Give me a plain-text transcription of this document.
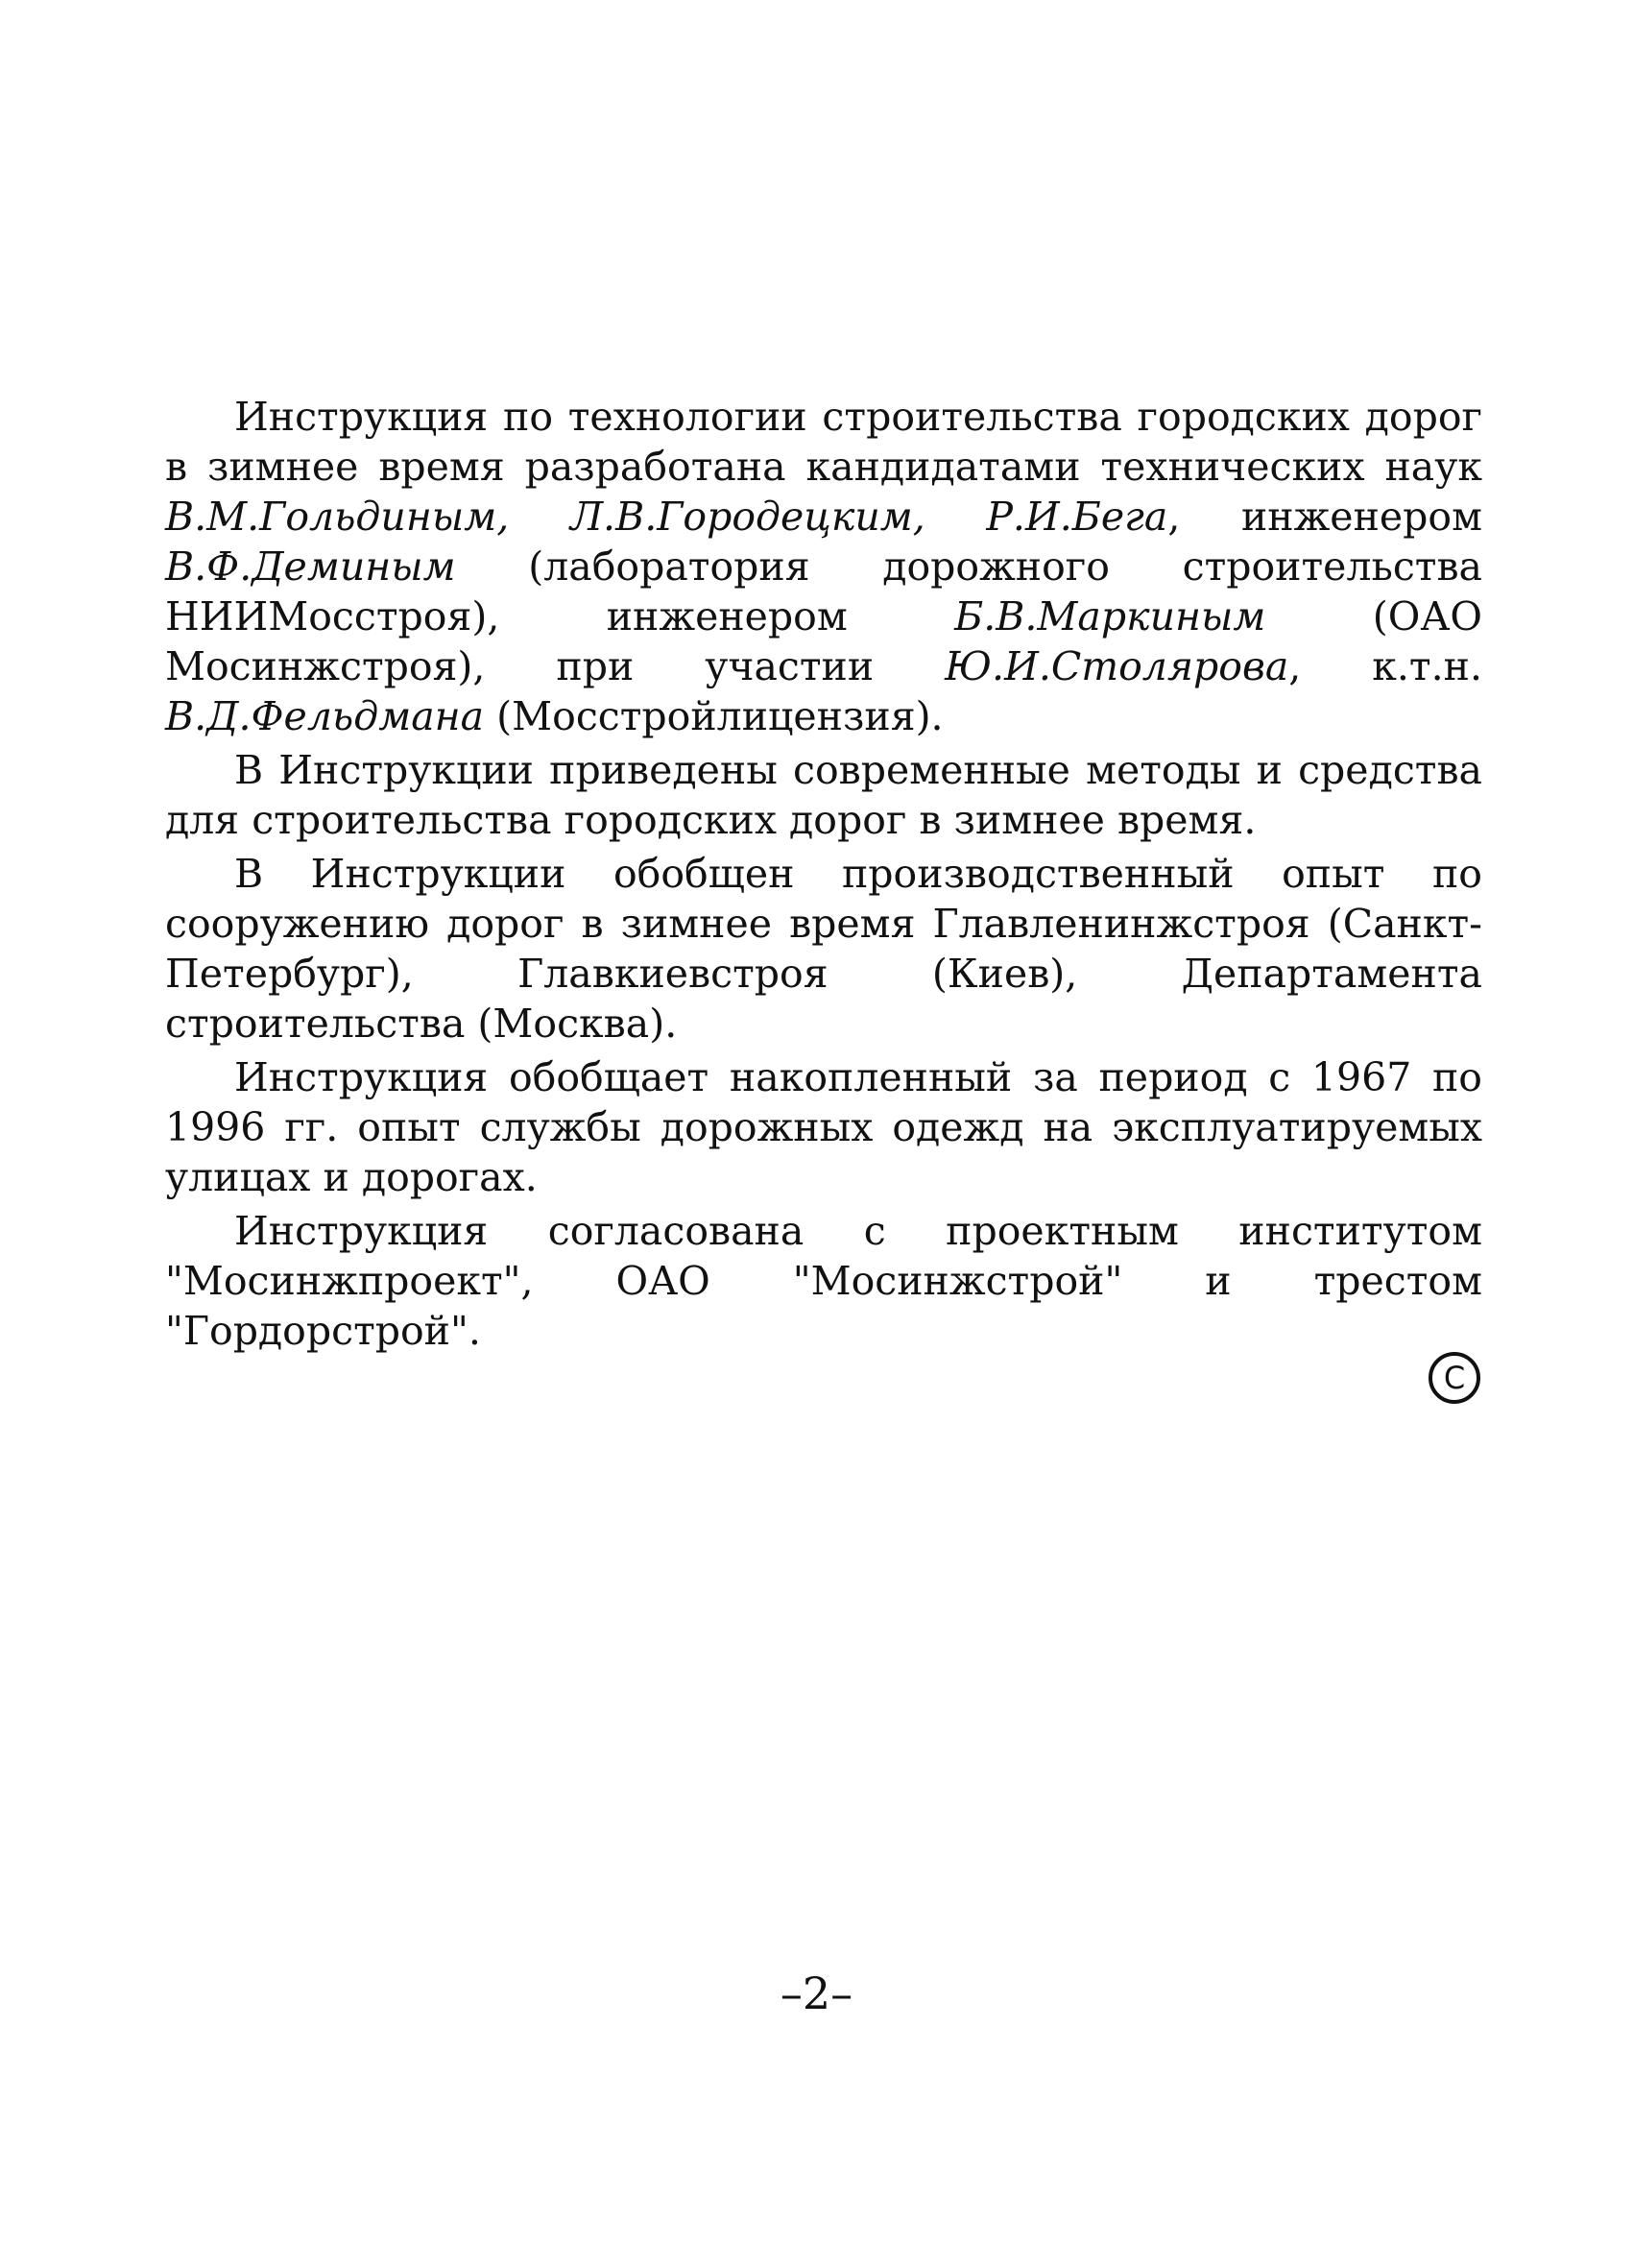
Инструкция по технологии строительства городских дорог в зимнее время разработана кандидатами технических наук В.М.Гольдиным, Л.В.Городецким, Р.И.Бега, инженером В.Ф.Деминым (лаборатория дорожного строительства НИИМосстроя), инженером Б.В.Маркиным (ОАО Мосинжстроя), при участии Ю.И.Столярова, к.т.н. В.Д.Фельдмана (Мосстройлицензия).

В Инструкции приведены современные методы и средства для строительства городских дорог в зимнее время.

В Инструкции обобщен производственный опыт по сооружению дорог в зимнее время Главленинжстроя (Санкт-Петербург), Главкиевстроя (Киев), Департамента строительства (Москва).

Инструкция обобщает накопленный за период с 1967 по 1996 гг. опыт службы дорожных одежд на эксплуатируемых улицах и дорогах.

Инструкция согласована с проектным институтом "Мосинжпроект", ОАО "Мосинжстрой" и трестом "Гордорстрой".

C
–2–
